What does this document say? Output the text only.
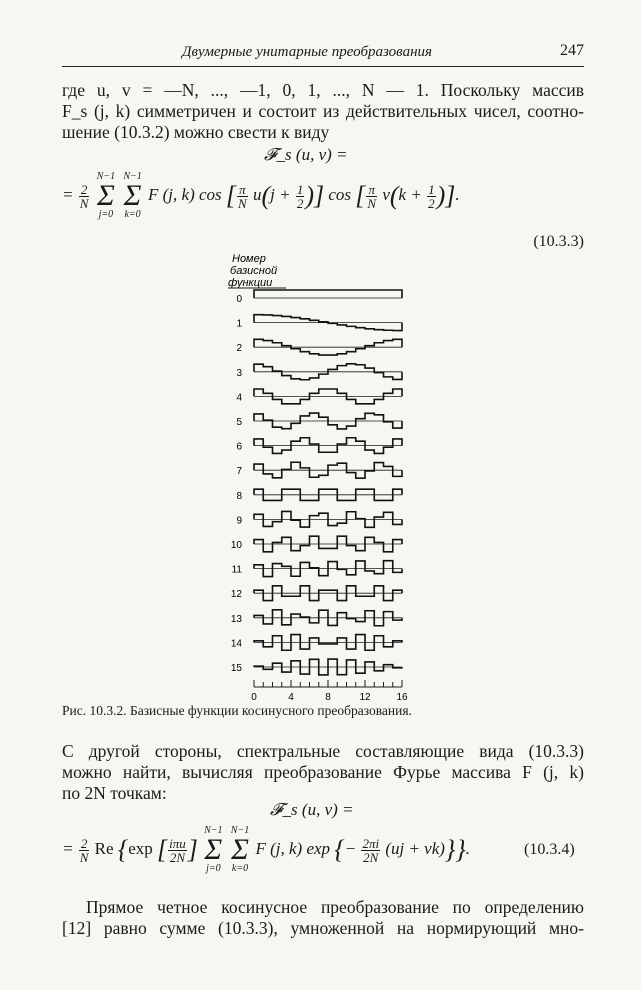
Двумерные унитарные преобразования	247
где u, v = —N, ..., —1, 0, 1, ..., N — 1. Поскольку массив
F_s (j, k) симметричен и состоит из действительных чисел, соотно-
шение (10.3.2) можно свести к виду
𝓕_s (u, v) =
= $\frac{2}{N}$
N−1
Σ
j=0 N−1
Σ
k=0 F (j, k) cos [ $\frac{\pi}{N} u(j + \frac{1}{2}$ )] cos [ $\frac{\pi}{N} v(k + \frac{1}{2}$ )].
(10.3.3)
Номер
базисной
функции
0
1
2
3
4
5
6
7
8
9
10
11
12
13
14
15
0	4	8	12	16
Рис. 10.3.2. Базисные функции косинусного преобразования.
С другой стороны, спектральные составляющие вида (10.3.3)
можно найти, вычисляя преобразование Фурье массива F (j, k)
по 2N точкам:
𝓕_s (u, v) =
= $\frac{2}{N}$ Re {exp [ $\frac{\text{iπu}}{2N}$ ] N−1
Σ
j=0 N−1
Σ
k=0 F (j, k) exp {− $\frac{2\pi i}{2N} (uj + vk)$}}.	(10.3.4)
Прямое четное косинусное преобразование по определению
[12] равно сумме (10.3.3), умноженной на нормирующий мно-
